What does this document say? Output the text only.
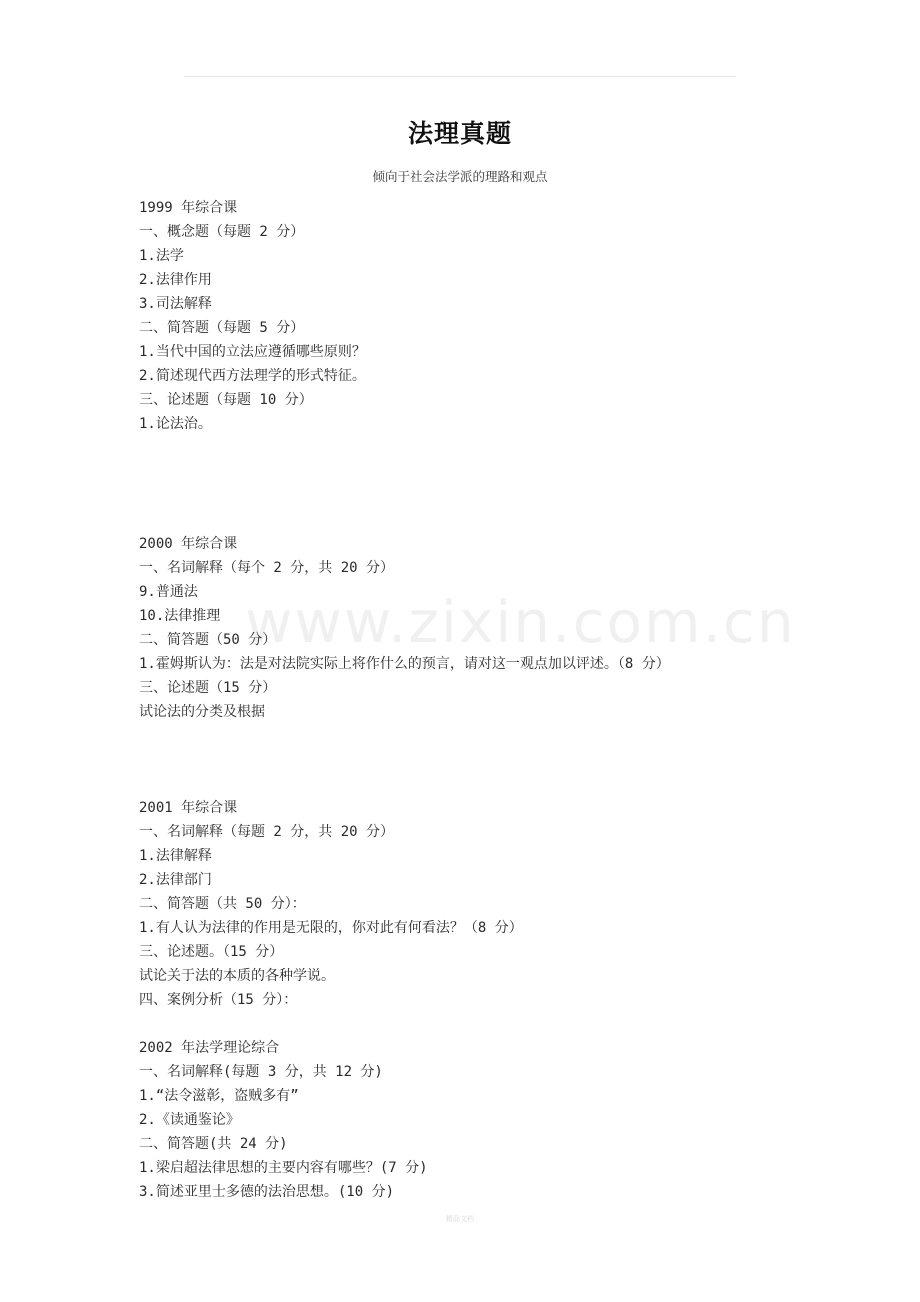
法理真题
倾向于社会法学派的理路和观点
www.zixin.com.cn
1999 年综合课
一、概念题（每题 2 分）
1.法学
2.法律作用
3.司法解释
二、简答题（每题 5 分）
1.当代中国的立法应遵循哪些原则？
2.简述现代西方法理学的形式特征。
三、论述题（每题 10 分）
1.论法治。
2000 年综合课
一、名词解释（每个 2 分，共 20 分）
9.普通法
10.法律推理
二、简答题（50 分）
1.霍姆斯认为：法是对法院实际上将作什么的预言，请对这一观点加以评述。（8 分）
三、论述题（15 分）
试论法的分类及根据
2001 年综合课
一、名词解释（每题 2 分，共 20 分）
1.法律解释
2.法律部门
二、简答题（共 50 分）：
1.有人认为法律的作用是无限的，你对此有何看法？（8 分）
三、论述题。（15 分）
试论关于法的本质的各种学说。
四、案例分析（15 分）：
2002 年法学理论综合
一、名词解释(每题 3 分，共 12 分)
1.“法令滋彰，盗贼多有”
2.《读通鉴论》
二、简答题(共 24 分)
1.梁启超法律思想的主要内容有哪些？(7 分)
3.简述亚里士多德的法治思想。(10 分)
精品文档
